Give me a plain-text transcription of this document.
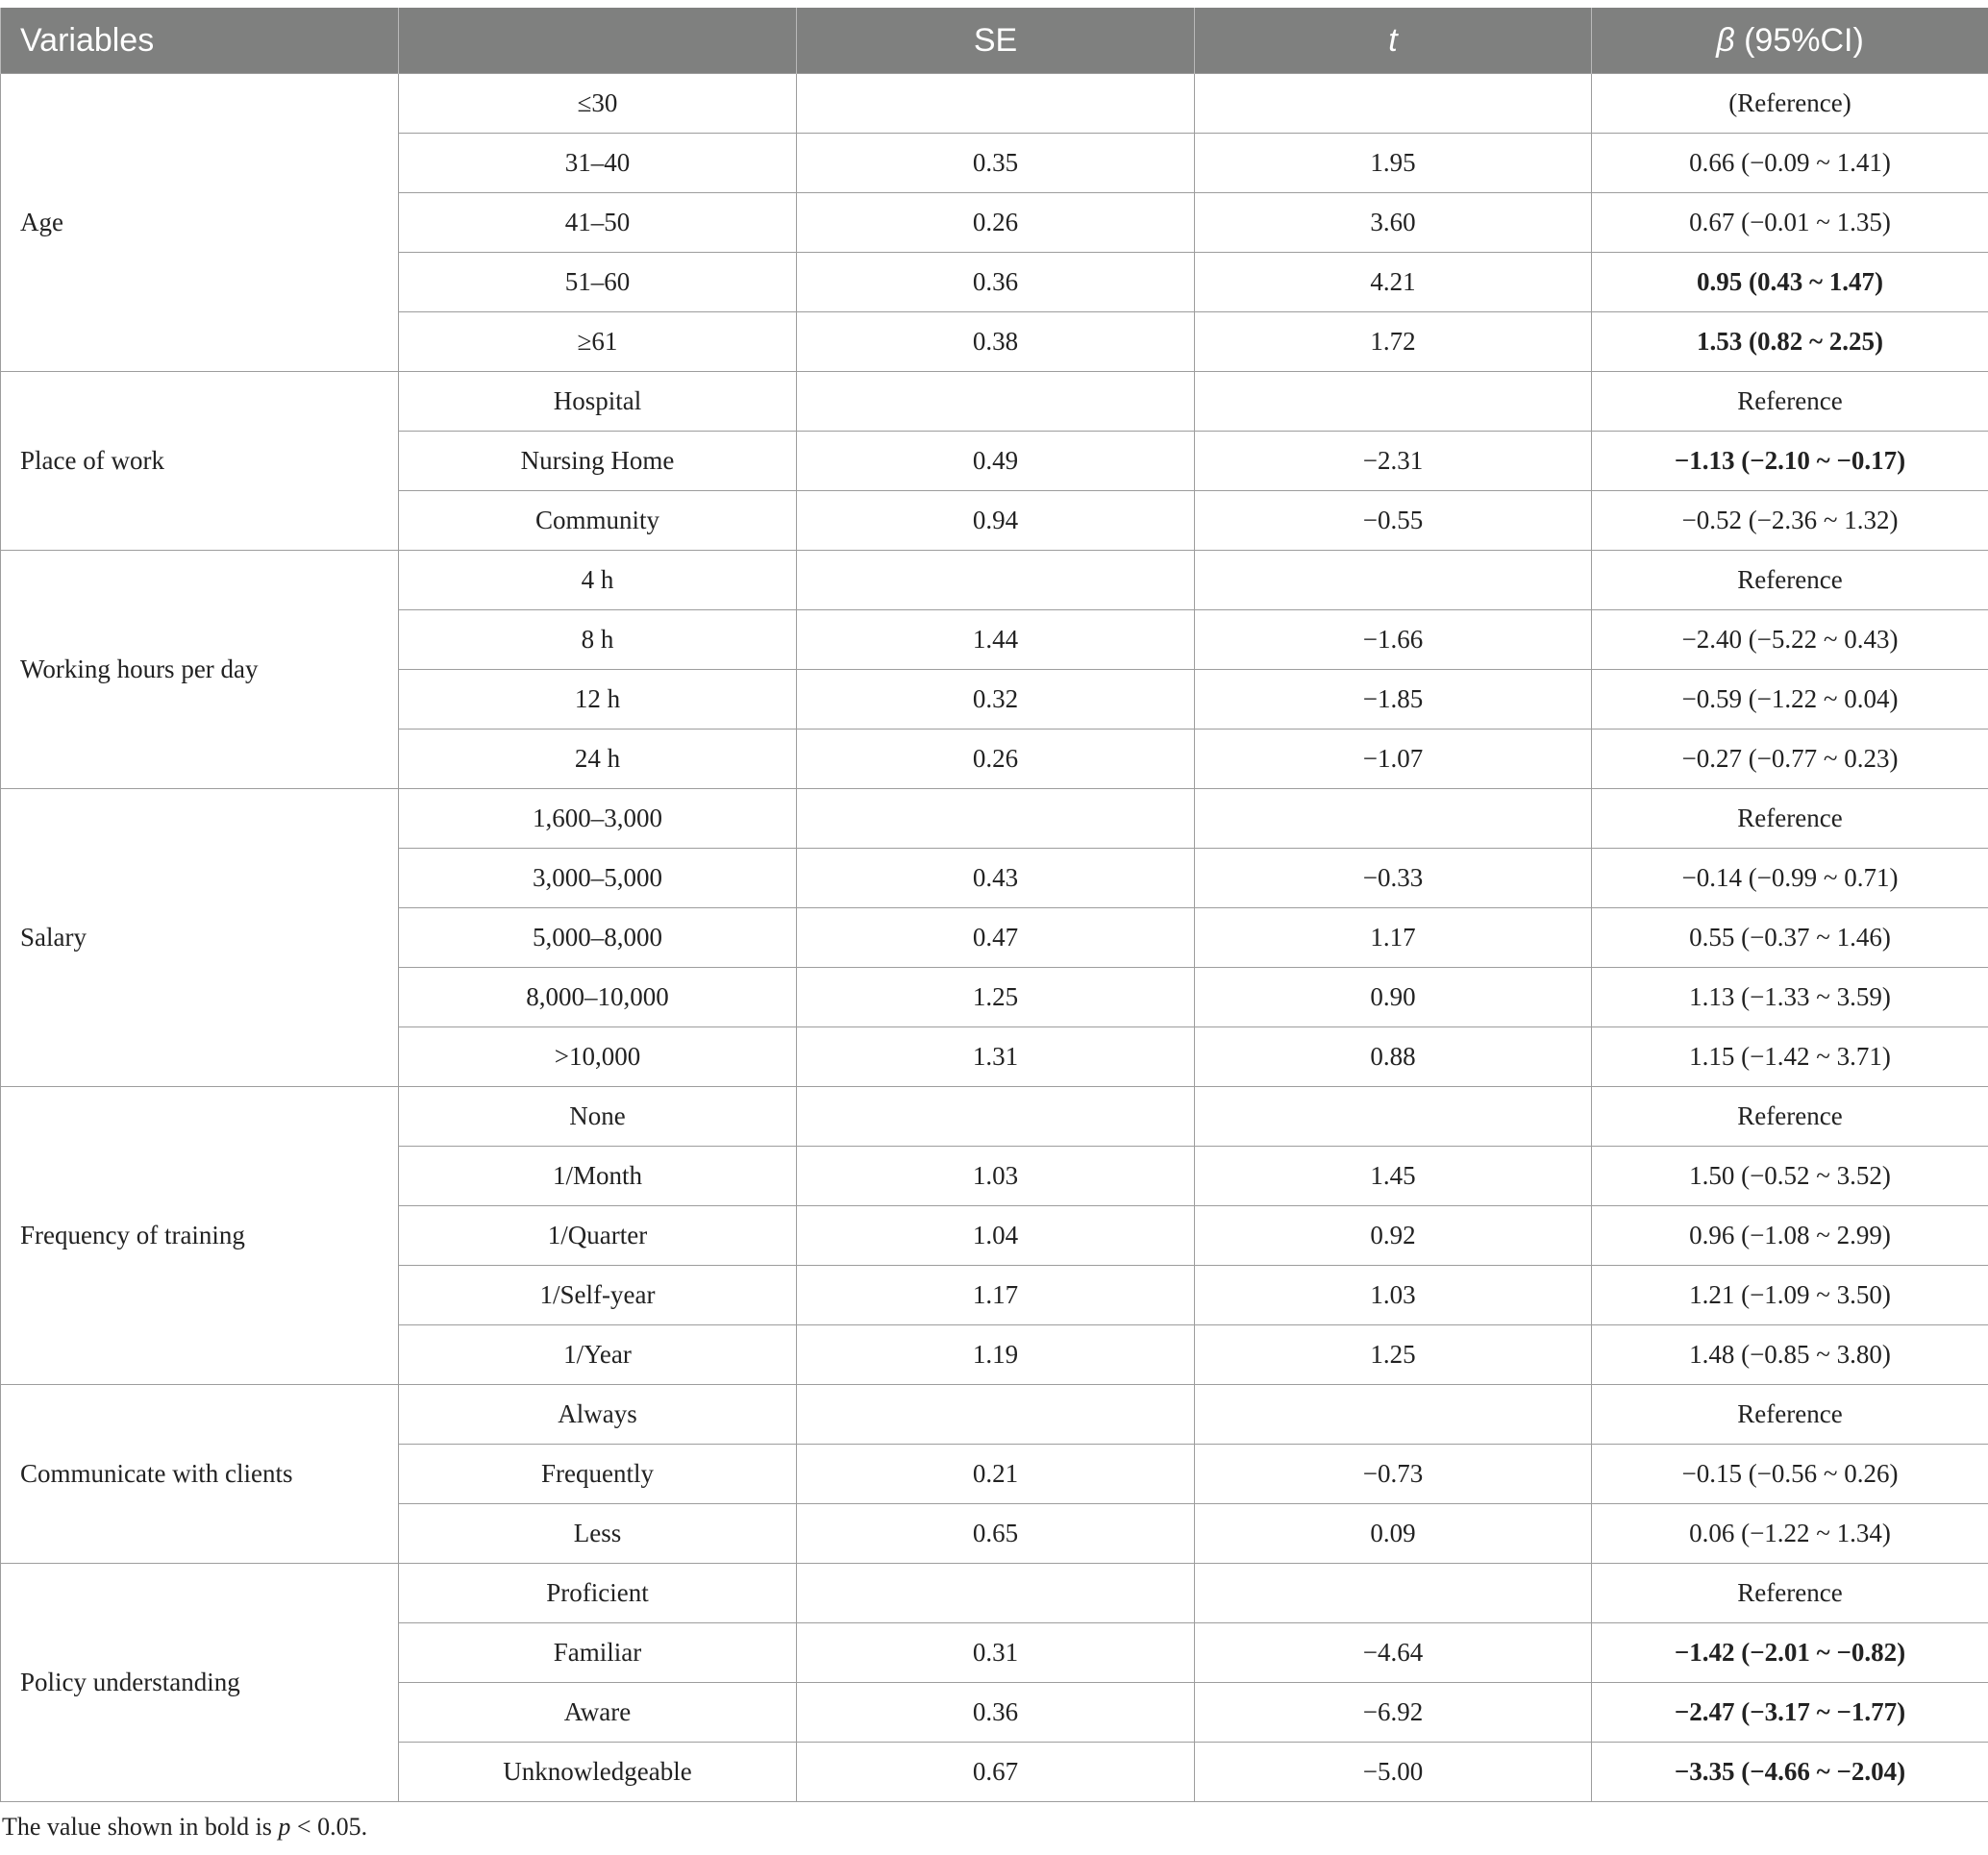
Variables		SE	t	β (95%CI)
Age	≤30			(Reference)
	31–40	0.35	1.95	0.66 (−0.09 ~ 1.41)
	41–50	0.26	3.60	0.67 (−0.01 ~ 1.35)
	51–60	0.36	4.21	0.95 (0.43 ~ 1.47)
	≥61	0.38	1.72	1.53 (0.82 ~ 2.25)
Place of work	Hospital			Reference
	Nursing Home	0.49	−2.31	−1.13 (−2.10 ~ −0.17)
	Community	0.94	−0.55	−0.52 (−2.36 ~ 1.32)
Working hours per day	4 h			Reference
	8 h	1.44	−1.66	−2.40 (−5.22 ~ 0.43)
	12 h	0.32	−1.85	−0.59 (−1.22 ~ 0.04)
	24 h	0.26	−1.07	−0.27 (−0.77 ~ 0.23)
Salary	1,600–3,000			Reference
	3,000–5,000	0.43	−0.33	−0.14 (−0.99 ~ 0.71)
	5,000–8,000	0.47	1.17	0.55 (−0.37 ~ 1.46)
	8,000–10,000	1.25	0.90	1.13 (−1.33 ~ 3.59)
	>10,000	1.31	0.88	1.15 (−1.42 ~ 3.71)
Frequency of training	None			Reference
	1/Month	1.03	1.45	1.50 (−0.52 ~ 3.52)
	1/Quarter	1.04	0.92	0.96 (−1.08 ~ 2.99)
	1/Self-year	1.17	1.03	1.21 (−1.09 ~ 3.50)
	1/Year	1.19	1.25	1.48 (−0.85 ~ 3.80)
Communicate with clients	Always			Reference
	Frequently	0.21	−0.73	−0.15 (−0.56 ~ 0.26)
	Less	0.65	0.09	0.06 (−1.22 ~ 1.34)
Policy understanding	Proficient			Reference
	Familiar	0.31	−4.64	−1.42 (−2.01 ~ −0.82)
	Aware	0.36	−6.92	−2.47 (−3.17 ~ −1.77)
	Unknowledgeable	0.67	−5.00	−3.35 (−4.66 ~ −2.04)
The value shown in bold is p < 0.05.
